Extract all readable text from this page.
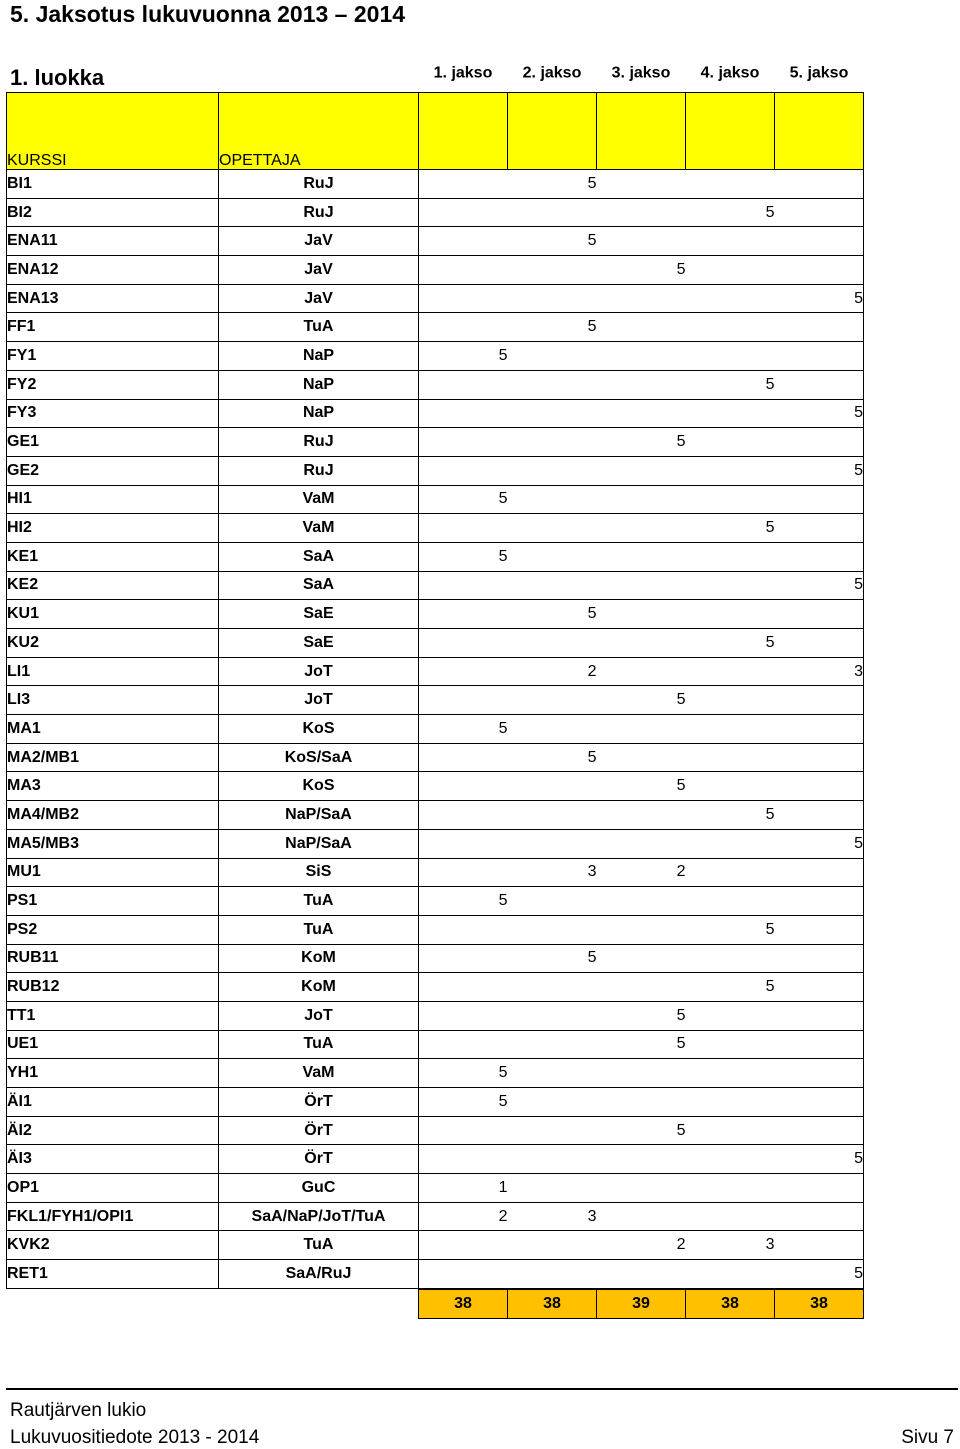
5. Jaksotus lukuvuonna 2013 – 2014
1. luokka
KURSSI	OPETTAJA	1. jakso	2. jakso	3. jakso	4. jakso	5. jakso

BI1	RuJ		5			
BI2	RuJ				5	
ENA11	JaV		5			
ENA12	JaV			5		
ENA13	JaV					5
FF1	TuA		5			
FY1	NaP	5				
FY2	NaP				5	
FY3	NaP					5
GE1	RuJ			5		
GE2	RuJ					5
HI1	VaM	5				
HI2	VaM				5	
KE1	SaA	5				
KE2	SaA					5
KU1	SaE		5			
KU2	SaE				5	
LI1	JoT		2			3
LI3	JoT			5		
MA1	KoS	5				
MA2/MB1	KoS/SaA		5			
MA3	KoS			5		
MA4/MB2	NaP/SaA				5	
MA5/MB3	NaP/SaA					5
MU1	SiS		3	2		
PS1	TuA	5				
PS2	TuA				5	
RUB11	KoM		5			
RUB12	KoM				5	
TT1	JoT			5		
UE1	TuA			5		
YH1	VaM	5				
ÄI1	ÖrT	5				
ÄI2	ÖrT			5		
ÄI3	ÖrT					5
OP1	GuC	1				
FKL1/FYH1/OPI1	SaA/NaP/JoT/TuA	2	3			
KVK2	TuA			2	3	
RET1	SaA/RuJ					5
		38	38	39	38	38
Rautjärven lukio
Lukuvuositiedote 2013 - 2014	Sivu 7
